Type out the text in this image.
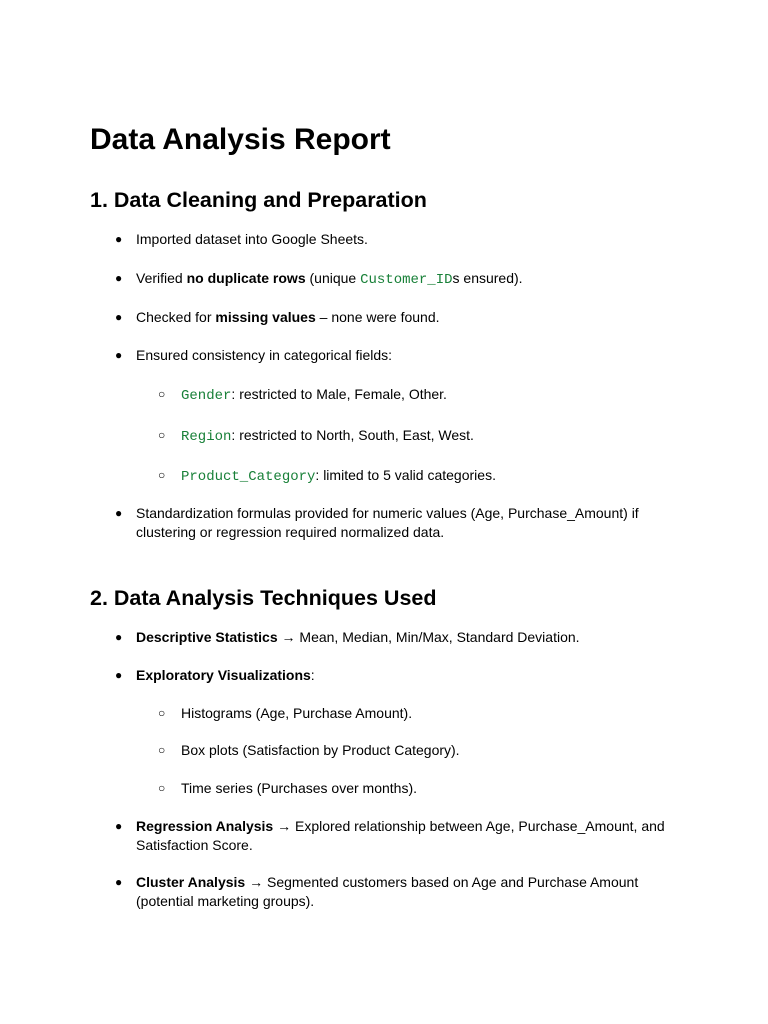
Data Analysis Report
1. Data Cleaning and Preparation

● Imported dataset into Google Sheets.

● Verified no duplicate rows (unique Customer_IDs ensured).

● Checked for missing values – none were found.

● Ensured consistency in categorical fields:

○ Gender: restricted to Male, Female, Other.

○ Region: restricted to North, South, East, West.

○ Product_Category: limited to 5 valid categories.

● Standardization formulas provided for numeric values (Age, Purchase_Amount) if
clustering or regression required normalized data.

2. Data Analysis Techniques Used

● Descriptive Statistics → Mean, Median, Min/Max, Standard Deviation.

● Exploratory Visualizations:

○ Histograms (Age, Purchase Amount).

○ Box plots (Satisfaction by Product Category).

○ Time series (Purchases over months).

● Regression Analysis → Explored relationship between Age, Purchase_Amount, and
Satisfaction Score.

● Cluster Analysis → Segmented customers based on Age and Purchase Amount
(potential marketing groups).
